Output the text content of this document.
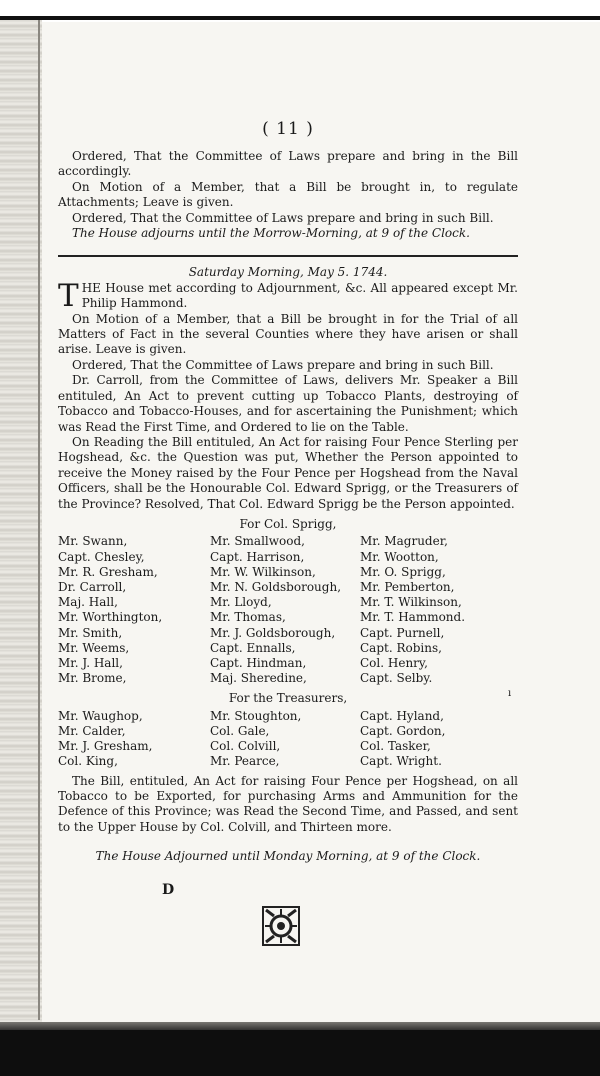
( 11 )

Ordered, That the Committee of Laws prepare and bring in the Bill accordingly.

On Motion of a Member, that a Bill be brought in, to regulate Attachments; Leave is given.

Ordered, That the Committee of Laws prepare and bring in such Bill.

The House adjourns until the Morrow-Morning, at 9 of the Clock.

Saturday Morning, May 5. 1744.

THE House met according to Adjournment, &c. All appeared except Mr. Philip Hammond.

On Motion of a Member, that a Bill be brought in for the Trial of all Matters of Fact in the several Counties where they have arisen or shall arise. Leave is given.

Ordered, That the Committee of Laws prepare and bring in such Bill.

Dr. Carroll, from the Committee of Laws, delivers Mr. Speaker a Bill entituled, An Act to prevent cutting up Tobacco Plants, destroying of Tobacco and Tobacco-Houses, and for ascertaining the Punishment; which was Read the First Time, and Ordered to lie on the Table.

On Reading the Bill entituled, An Act for raising Four Pence Sterling per Hogshead, &c. the Question was put, Whether the Person appointed to receive the Money raised by the Four Pence per Hogshead from the Naval Officers, shall be the Honourable Col. Edward Sprigg, or the Treasurers of the Province? Resolved, That Col. Edward Sprigg be the Person appointed.

For Col. Sprigg,
Mr. Swann,	Mr. Smallwood,	Mr. Magruder,
Capt. Chesley,	Capt. Harrison,	Mr. Wootton,
Mr. R. Gresham,	Mr. W. Wilkinson,	Mr. O. Sprigg,
Dr. Carroll,	Mr. N. Goldsborough,	Mr. Pemberton,
Maj. Hall,	Mr. Lloyd,	Mr. T. Wilkinson,
Mr. Worthington,	Mr. Thomas,	Mr. T. Hammond.
Mr. Smith,	Mr. J. Goldsborough,	Capt. Purnell,
Mr. Weems,	Capt. Ennalls,	Capt. Robins,
Mr. J. Hall,	Capt. Hindman,	Col. Henry,
Mr. Brome,	Maj. Sheredine,	Capt. Selby.
For the Treasurers,
Mr. Waughop,	Mr. Stoughton,	Capt. Hyland,
Mr. Calder,	Col. Gale,	Capt. Gordon,
Mr. J. Gresham,	Col. Colvill,	Col. Tasker,
Col. King,	Mr. Pearce,	Capt. Wright.

The Bill, entituled, An Act for raising Four Pence per Hogshead, on all Tobacco to be Exported, for purchasing Arms and Ammunition for the Defence of this Province; was Read the Second Time, and Passed, and sent to the Upper House by Col. Colvill, and Thirteen more.

The House Adjourned until Monday Morning, at 9 of the Clock.

D
ı
